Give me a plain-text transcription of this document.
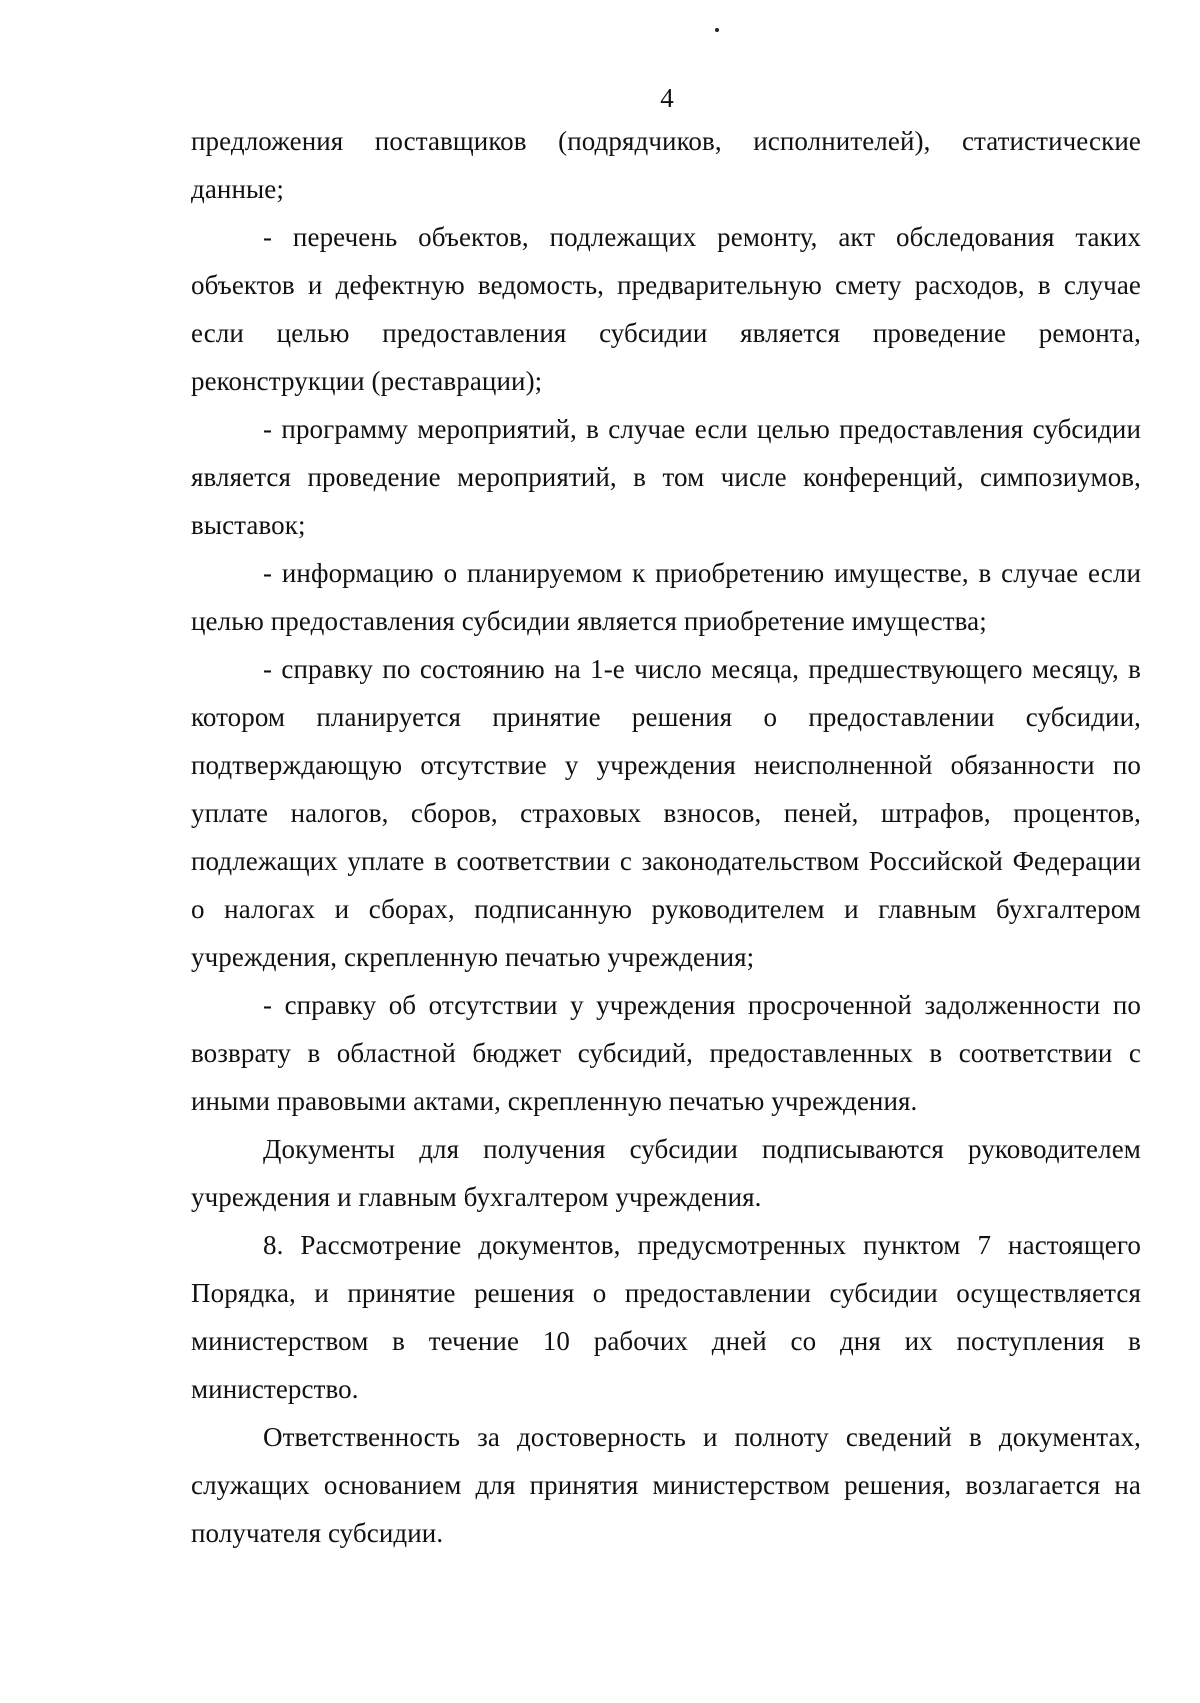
4

предложения поставщиков (подрядчиков, исполнителей), статистические данные;

- перечень объектов, подлежащих ремонту, акт обследования таких объектов и дефектную ведомость, предварительную смету расходов, в случае если целью предоставления субсидии является проведение ремонта, реконструкции (реставрации);

- программу мероприятий, в случае если целью предоставления субсидии является проведение мероприятий, в том числе конференций, симпозиумов, выставок;

- информацию о планируемом к приобретению имуществе, в случае если целью предоставления субсидии является приобретение имущества;

- справку по состоянию на 1-е число месяца, предшествующего месяцу, в котором планируется принятие решения о предоставлении субсидии, подтверждающую отсутствие у учреждения неисполненной обязанности по уплате налогов, сборов, страховых взносов, пеней, штрафов, процентов, подлежащих уплате в соответствии с законодательством Российской Федерации о налогах и сборах, подписанную руководителем и главным бухгалтером учреждения, скрепленную печатью учреждения;

- справку об отсутствии у учреждения просроченной задолженности по возврату в областной бюджет субсидий, предоставленных в соответствии с иными правовыми актами, скрепленную печатью учреждения.

Документы для получения субсидии подписываются руководителем учреждения и главным бухгалтером учреждения.

8. Рассмотрение документов, предусмотренных пунктом 7 настоящего Порядка, и принятие решения о предоставлении субсидии осуществляется министерством в течение 10 рабочих дней со дня их поступления в министерство.

Ответственность за достоверность и полноту сведений в документах, служащих основанием для принятия министерством решения, возлагается на получателя субсидии.
